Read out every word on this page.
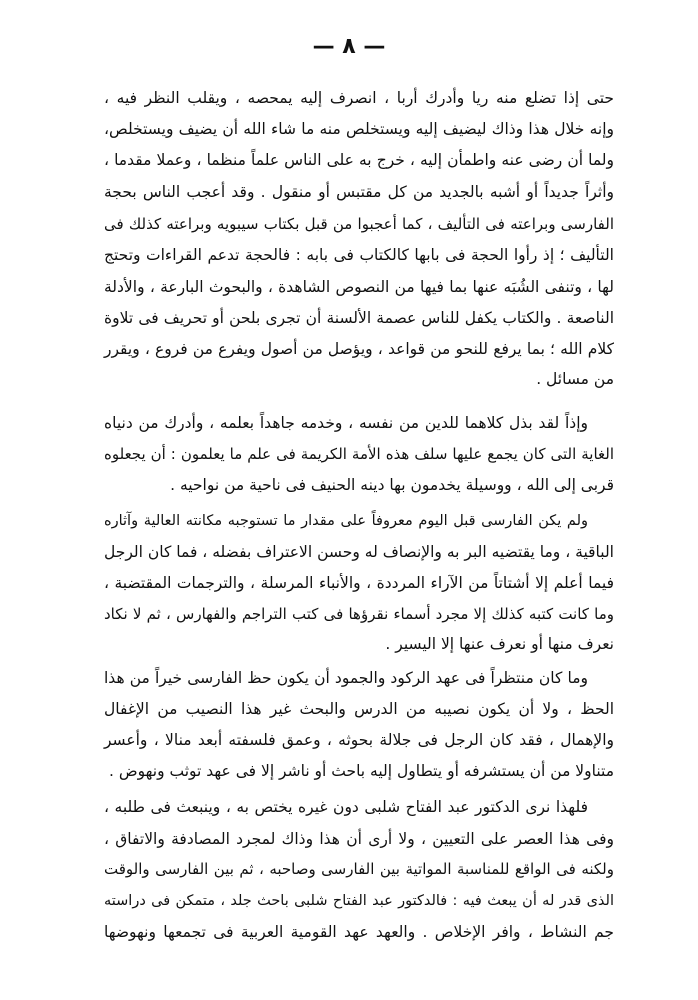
— ٨ —
حتى إذا تضلع منه ريا وأدرك أربا ، انصرف إليه يمحصه ، ويقلب النظر فيه ،
وإنه خلال هذا وذاك ليضيف إليه ويستخلص منه ما شاء الله أن يضيف ويستخلص،
ولما أن رضى عنه واطمأن إليه ، خرج به على الناس علماً منظما ، وعملا مقدما ،
وأثراً جديداً أو أشبه بالجديد من كل مقتبس أو منقول . وقد أعجب الناس بحجة
الفارسى وبراعته فى التأليف ، كما أعجبوا من قبل بكتاب سيبويه وبراعته كذلك فى
التأليف ؛ إذ رأوا الحجة فى بابها كالكتاب فى بابه : فالحجة تدعم القراءات وتحتج
لها ، وتنفى الشُبَه عنها بما فيها من النصوص الشاهدة ، والبحوث البارعة ، والأدلة
الناصعة . والكتاب يكفل للناس عصمة الألسنة أن تجرى بلحن أو تحريف فى تلاوة
كلام الله ؛ بما يرفع للنحو من قواعد ، ويؤصل من أصول ويفرع من فروع ، ويقرر
من مسائل .
وإذاً لقد بذل كلاهما للدين من نفسه ، وخدمه جاهداً بعلمه ، وأدرك من دنياه
الغاية التى كان يجمع عليها سلف هذه الأمة الكريمة فى علم ما يعلمون : أن يجعلوه
قربى إلى الله ، ووسيلة يخدمون بها دينه الحنيف فى ناحية من نواحيه .
ولم يكن الفارسى قبل اليوم معروفاً على مقدار ما تستوجبه مكانته العالية وآثاره
الباقية ، وما يقتضيه البر به والإنصاف له وحسن الاعتراف بفضله ، فما كان الرجل
فيما أعلم إلا أشتاتاً من الآراء المرددة ، والأنباء المرسلة ، والترجمات المقتضبة ،
وما كانت كتبه كذلك إلا مجرد أسماء نقرؤها فى كتب التراجم والفهارس ، ثم لا نكاد
نعرف منها أو نعرف عنها إلا اليسير .
وما كان منتظراً فى عهد الركود والجمود أن يكون حظ الفارسى خيراً من هذا
الحظ ، ولا أن يكون نصيبه من الدرس والبحث غير هذا النصيب من الإغفال
والإهمال ، فقد كان الرجل فى جلالة بحوثه ، وعمق فلسفته أبعد منالا ، وأعسر
متناولا من أن يستشرفه أو يتطاول إليه باحث أو ناشر إلا فى عهد توثب ونهوض .
فلهذا نرى الدكتور عبد الفتاح شلبى دون غيره يختص به ، وينبعث فى طلبه ،
وفى هذا العصر على التعيين ، ولا أرى أن هذا وذاك لمجرد المصادفة والاتفاق ،
ولكنه فى الواقع للمناسبة المواتية بين الفارسى وصاحبه ، ثم بين الفارسى والوقت
الذى قدر له أن يبعث فيه : فالدكتور عبد الفتاح شلبى باحث جلد ، متمكن فى دراسته
جم النشاط ، وافر الإخلاص . والعهد عهد القومية العربية فى تجمعها ونهوضها
